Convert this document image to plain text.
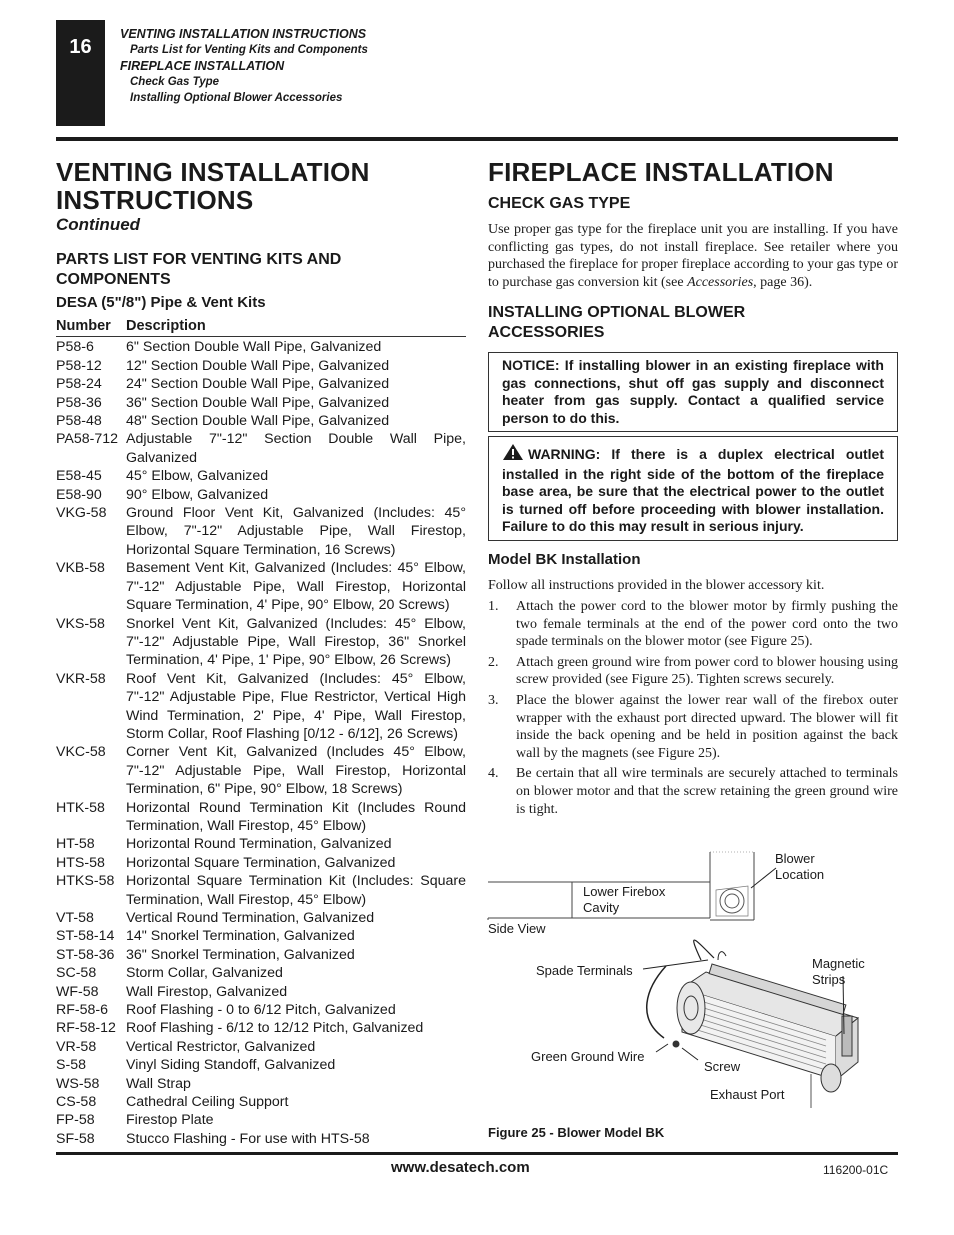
16
VENTING INSTALLATION INSTRUCTIONS
Parts List for Venting Kits and Components
FIREPLACE INSTALLATION
Check Gas Type
Installing Optional Blower Accessories
VENTING INSTALLATION
INSTRUCTIONS
Continued
PARTS LIST FOR VENTING KITS AND
COMPONENTS
DESA (5"/8") Pipe & Vent Kits
Number	Description
P58-6	6" Section Double Wall Pipe, Galvanized
P58-12	12" Section Double Wall Pipe, Galvanized
P58-24	24" Section Double Wall Pipe, Galvanized
P58-36	36" Section Double Wall Pipe, Galvanized
P58-48	48" Section Double Wall Pipe, Galvanized
PA58-712 Adjustable 7"-12" Section Double Wall Pipe, Galvanized
E58-45	45° Elbow, Galvanized
E58-90	90° Elbow, Galvanized
VKG-58	Ground Floor Vent Kit, Galvanized (Includes: 45° Elbow, 7"-12" Adjustable Pipe, Wall Firestop, Horizontal Square Termination, 16 Screws)
VKB-58	Basement Vent Kit, Galvanized (Includes: 45° Elbow, 7"-12" Adjustable Pipe, Wall Firestop, Horizontal Square Termination, 4' Pipe, 90° Elbow, 20 Screws)
VKS-58	Snorkel Vent Kit, Galvanized (Includes: 45° Elbow, 7"-12" Adjustable Pipe, Wall Firestop, 36" Snorkel Termination, 4' Pipe, 1' Pipe, 90° Elbow, 26 Screws)
VKR-58	Roof Vent Kit, Galvanized (Includes: 45° Elbow, 7"-12" Adjustable Pipe, Flue Restrictor, Vertical High Wind Termination, 2' Pipe, 4' Pipe, Wall Firestop, Storm Collar, Roof Flashing [0/12 - 6/12], 26 Screws)
VKC-58	Corner Vent Kit, Galvanized (Includes 45° Elbow, 7"-12" Adjustable Pipe, Wall Firestop, Horizontal Termination, 6" Pipe, 90° Elbow, 18 Screws)
HTK-58	Horizontal Round Termination Kit (Includes Round Termination, Wall Firestop, 45° Elbow)
HT-58	Horizontal Round Termination, Galvanized
HTS-58	Horizontal Square Termination, Galvanized
HTKS-58 Horizontal Square Termination Kit (Includes: Square Termination, Wall Firestop, 45° Elbow)
VT-58	Vertical Round Termination, Galvanized
ST-58-14 14" Snorkel Termination, Galvanized
ST-58-36 36" Snorkel Termination, Galvanized
SC-58	Storm Collar, Galvanized
WF-58	Wall Firestop, Galvanized
RF-58-6	Roof Flashing - 0 to 6/12 Pitch, Galvanized
RF-58-12 Roof Flashing - 6/12 to 12/12 Pitch, Galvanized
VR-58	Vertical Restrictor, Galvanized
S-58	Vinyl Siding Standoff, Galvanized
WS-58	Wall Strap
CS-58	Cathedral Ceiling Support
FP-58	Firestop Plate
SF-58	Stucco Flashing - For use with HTS-58
FIREPLACE INSTALLATION
CHECK GAS TYPE
Use proper gas type for the fireplace unit you are installing. If you have conflicting gas types, do not install fireplace. See retailer where you purchased the fireplace for proper fireplace according to your gas type or to purchase gas conversion kit (see Accessories, page 36).
INSTALLING OPTIONAL BLOWER
ACCESSORIES
NOTICE: If installing blower in an existing fireplace with gas connections, shut off gas supply and disconnect heater from gas supply. Contact a qualified service person to do this.
WARNING: If there is a duplex electrical outlet installed in the right side of the bottom of the fireplace base area, be sure that the electrical power to the outlet is turned off before proceeding with blower installation. Failure to do this may result in serious injury.
Model BK Installation
Follow all instructions provided in the blower accessory kit.
1.	Attach the power cord to the blower motor by firmly pushing the two female terminals at the end of the power cord onto the two spade terminals on the blower motor (see Figure 25).
2.	Attach green ground wire from power cord to blower housing using screw provided (see Figure 25). Tighten screws securely.
3.	Place the blower against the lower rear wall of the firebox outer wrapper with the exhaust port directed upward. The blower will fit inside the back opening and be held in position against the back wall by the magnets (see Figure 25).
4.	Be certain that all wire terminals are securely attached to terminals on blower motor and that the screw retaining the green ground wire is tight.
Blower
Location
Lower Firebox
Cavity
Side View
Spade Terminals	Magnetic
Strips
Green Ground Wire
Screw
Exhaust Port
Figure 25 - Blower Model BK
www.desatech.com	116200-01C
